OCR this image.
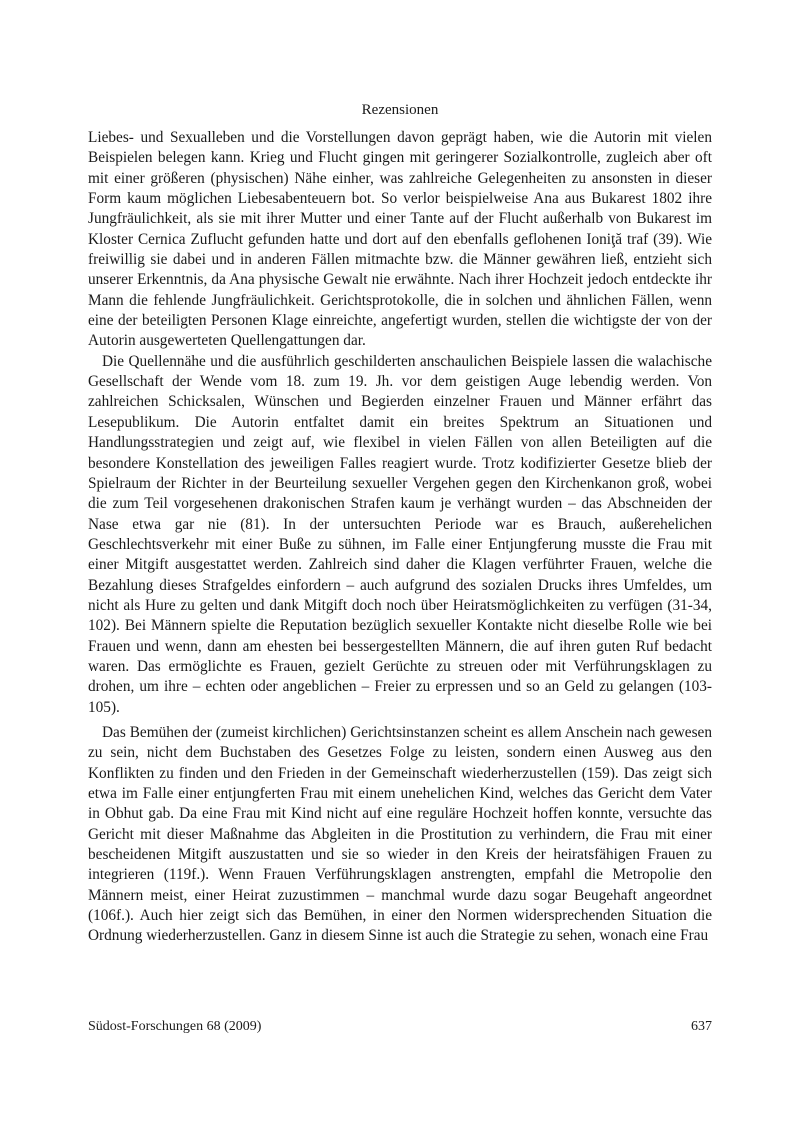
Rezensionen

Liebes- und Sexualleben und die Vorstellungen davon geprägt haben, wie die Autorin mit vielen Beispielen belegen kann. Krieg und Flucht gingen mit geringerer Sozialkontrolle, zugleich aber oft mit einer größeren (physischen) Nähe einher, was zahlreiche Gelegenheiten zu ansonsten in dieser Form kaum möglichen Liebesabenteuern bot. So verlor beispielweise Ana aus Bukarest 1802 ihre Jungfräulichkeit, als sie mit ihrer Mutter und einer Tante auf der Flucht außerhalb von Bukarest im Kloster Cernica Zuflucht gefunden hatte und dort auf den ebenfalls geflohenen Ioniţă traf (39). Wie freiwillig sie dabei und in anderen Fällen mitmachte bzw. die Männer gewähren ließ, entzieht sich unserer Erkenntnis, da Ana physische Gewalt nie erwähnte. Nach ihrer Hochzeit jedoch entdeckte ihr Mann die fehlende Jungfräulichkeit. Gerichtsprotokolle, die in solchen und ähnlichen Fällen, wenn eine der beteiligten Personen Klage einreichte, angefertigt wurden, stellen die wichtigste der von der Autorin ausgewerteten Quellengattungen dar.

Die Quellennähe und die ausführlich geschilderten anschaulichen Beispiele lassen die walachische Gesellschaft der Wende vom 18. zum 19. Jh. vor dem geistigen Auge lebendig werden. Von zahlreichen Schicksalen, Wünschen und Begierden einzelner Frauen und Männer erfährt das Lesepublikum. Die Autorin entfaltet damit ein breites Spektrum an Situationen und Handlungsstrategien und zeigt auf, wie flexibel in vielen Fällen von allen Beteiligten auf die besondere Konstellation des jeweiligen Falles reagiert wurde. Trotz kodifizierter Gesetze blieb der Spielraum der Richter in der Beurteilung sexueller Vergehen gegen den Kirchenkanon groß, wobei die zum Teil vorgesehenen drakonischen Strafen kaum je verhängt wurden – das Abschneiden der Nase etwa gar nie (81). In der untersuchten Periode war es Brauch, außerehelichen Geschlechtsverkehr mit einer Buße zu sühnen, im Falle einer Entjungferung musste die Frau mit einer Mitgift ausgestattet werden. Zahlreich sind daher die Klagen verführter Frauen, welche die Bezahlung dieses Strafgeldes einfordern – auch aufgrund des sozialen Drucks ihres Umfeldes, um nicht als Hure zu gelten und dank Mitgift doch noch über Heiratsmöglichkeiten zu verfügen (31-34, 102). Bei Männern spielte die Reputation bezüglich sexueller Kontakte nicht dieselbe Rolle wie bei Frauen und wenn, dann am ehesten bei bessergestellten Männern, die auf ihren guten Ruf bedacht waren. Das ermöglichte es Frauen, gezielt Gerüchte zu streuen oder mit Verführungsklagen zu drohen, um ihre – echten oder angeblichen – Freier zu erpressen und so an Geld zu gelangen (103-105).

Das Bemühen der (zumeist kirchlichen) Gerichtsinstanzen scheint es allem Anschein nach gewesen zu sein, nicht dem Buchstaben des Gesetzes Folge zu leisten, sondern einen Ausweg aus den Konflikten zu finden und den Frieden in der Gemeinschaft wiederherzustellen (159). Das zeigt sich etwa im Falle einer entjungferten Frau mit einem unehelichen Kind, welches das Gericht dem Vater in Obhut gab. Da eine Frau mit Kind nicht auf eine reguläre Hochzeit hoffen konnte, versuchte das Gericht mit dieser Maßnahme das Abgleiten in die Prostitution zu verhindern, die Frau mit einer bescheidenen Mitgift auszustatten und sie so wieder in den Kreis der heiratsfähigen Frauen zu integrieren (119f.). Wenn Frauen Verführungsklagen anstrengten, empfahl die Metropolie den Männern meist, einer Heirat zuzustimmen – manchmal wurde dazu sogar Beugehaft angeordnet (106f.). Auch hier zeigt sich das Bemühen, in einer den Normen widersprechenden Situation die Ordnung wiederherzustellen. Ganz in diesem Sinne ist auch die Strategie zu sehen, wonach eine Frau

Südost-Forschungen 68 (2009)	637
